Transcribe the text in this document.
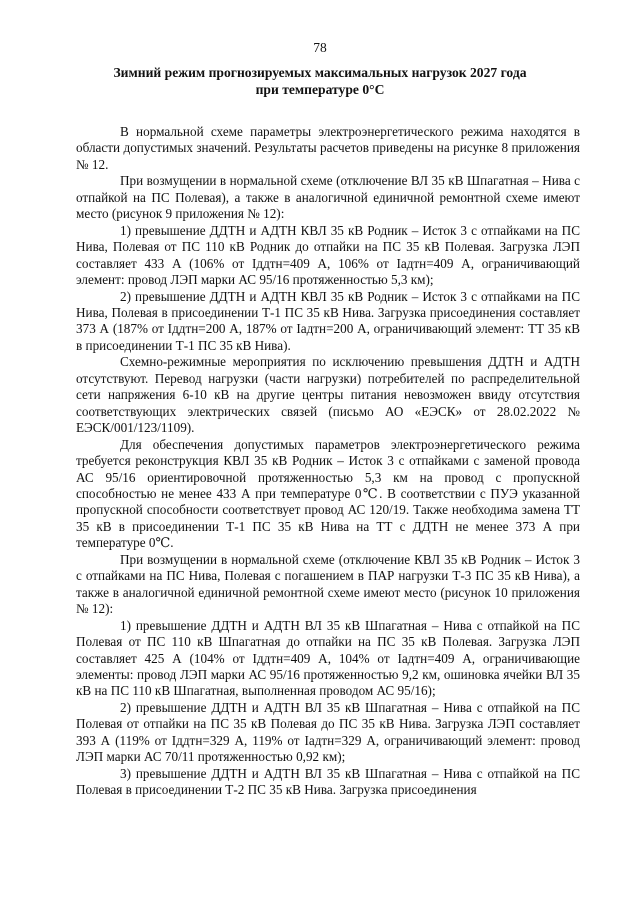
78
Зимний режим прогнозируемых максимальных нагрузок 2027 года
при температуре 0°С

В нормальной схеме параметры электроэнергетического режима находятся в области допустимых значений. Результаты расчетов приведены на рисунке 8 приложения № 12.

При возмущении в нормальной схеме (отключение ВЛ 35 кВ Шпагатная – Нива с отпайкой на ПС Полевая), а также в аналогичной единичной ремонтной схеме имеют место (рисунок 9 приложения № 12):

1) превышение ДДТН и АДТН КВЛ 35 кВ Родник – Исток 3 с отпайками на ПС Нива, Полевая от ПС 110 кВ Родник до отпайки на ПС 35 кВ Полевая. Загрузка ЛЭП составляет 433 А (106% от Iддтн=409 А, 106% от Iадтн=409 А, ограничивающий элемент: провод ЛЭП марки АС 95/16 протяженностью 5,3 км);

2) превышение ДДТН и АДТН КВЛ 35 кВ Родник – Исток 3 с отпайками на ПС Нива, Полевая в присоединении Т-1 ПС 35 кВ Нива. Загрузка присоединения составляет 373 А (187% от Iддтн=200 А, 187% от Iадтн=200 А, ограничивающий элемент: ТТ 35 кВ в присоединении Т-1 ПС 35 кВ Нива).

Схемно-режимные мероприятия по исключению превышения ДДТН и АДТН отсутствуют. Перевод нагрузки (части нагрузки) потребителей по распределительной сети напряжения 6-10 кВ на другие центры питания невозможен ввиду отсутствия соответствующих электрических связей (письмо АО «ЕЭСК» от 28.02.2022 № ЕЭСК/001/123/1109).

Для обеспечения допустимых параметров электроэнергетического режима требуется реконструкция КВЛ 35 кВ Родник – Исток 3 с отпайками с заменой провода АС 95/16 ориентировочной протяженностью 5,3 км на провод с пропускной способностью не менее 433 А при температуре 0℃. В соответствии с ПУЭ указанной пропускной способности соответствует провод АС 120/19. Также необходима замена ТТ 35 кВ в присоединении Т-1 ПС 35 кВ Нива на ТТ с ДДТН не менее 373 А при температуре 0℃.

При возмущении в нормальной схеме (отключение КВЛ 35 кВ Родник – Исток 3 с отпайками на ПС Нива, Полевая с погашением в ПАР нагрузки Т-3 ПС 35 кВ Нива), а также в аналогичной единичной ремонтной схеме имеют место (рисунок 10 приложения № 12):

1) превышение ДДТН и АДТН ВЛ 35 кВ Шпагатная – Нива с отпайкой на ПС Полевая от ПС 110 кВ Шпагатная до отпайки на ПС 35 кВ Полевая. Загрузка ЛЭП составляет 425 А (104% от Iддтн=409 А, 104% от Iадтн=409 А, ограничивающие элементы: провод ЛЭП марки АС 95/16 протяженностью 9,2 км, ошиновка ячейки ВЛ 35 кВ на ПС 110 кВ Шпагатная, выполненная проводом АС 95/16);

2) превышение ДДТН и АДТН ВЛ 35 кВ Шпагатная – Нива с отпайкой на ПС Полевая от отпайки на ПС 35 кВ Полевая до ПС 35 кВ Нива. Загрузка ЛЭП составляет 393 А (119% от Iддтн=329 А, 119% от Iадтн=329 А, ограничивающий элемент: провод ЛЭП марки АС 70/11 протяженностью 0,92 км);

3) превышение ДДТН и АДТН ВЛ 35 кВ Шпагатная – Нива с отпайкой на ПС Полевая в присоединении Т-2 ПС 35 кВ Нива. Загрузка присоединения
